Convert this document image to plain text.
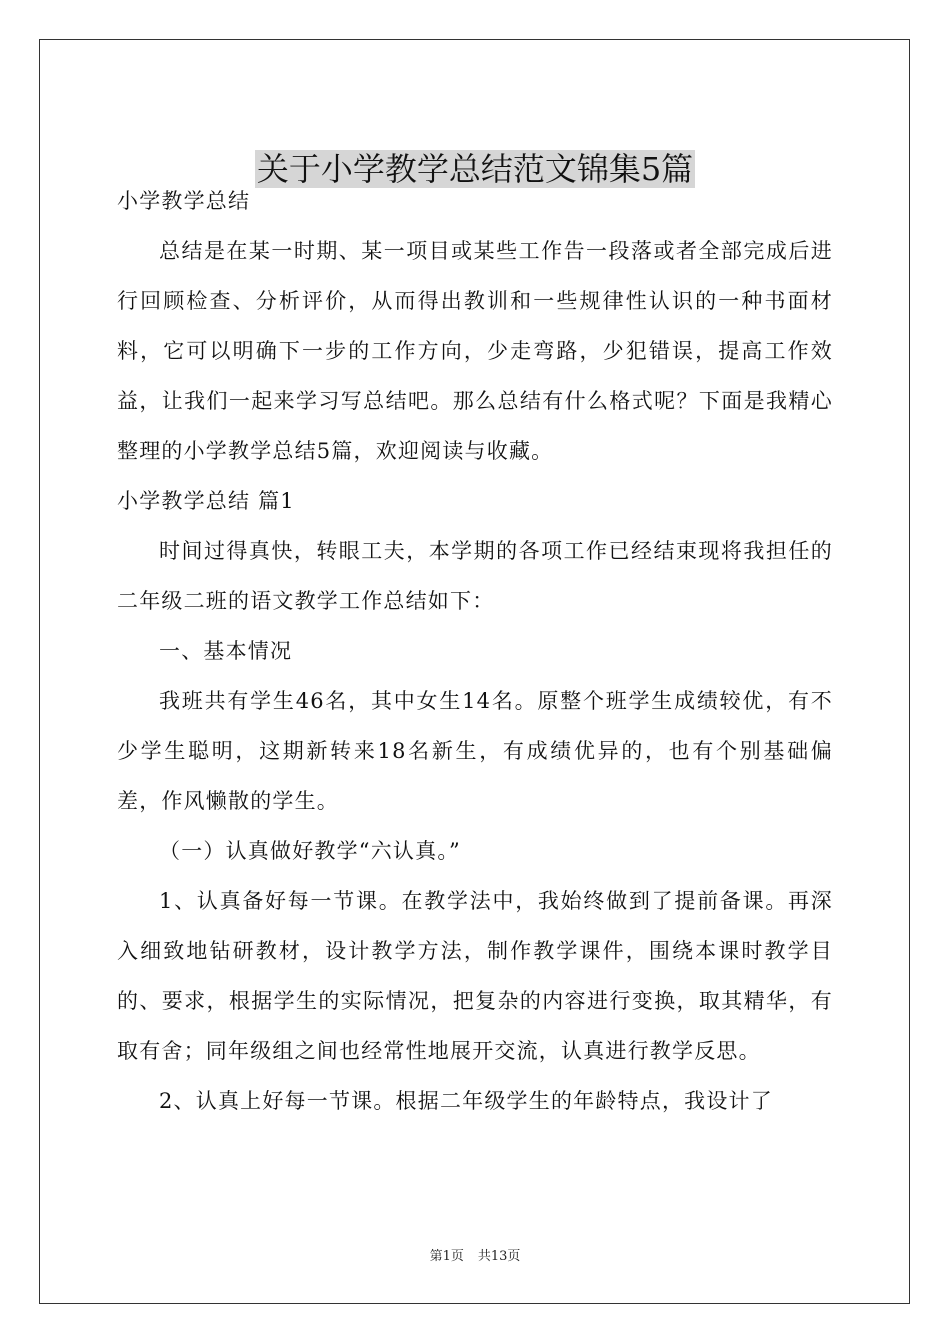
关于小学教学总结范文锦集5篇

小学教学总结

总结是在某一时期、某一项目或某些工作告一段落或者全部完成后进行回顾检查、分析评价，从而得出教训和一些规律性认识的一种书面材料，它可以明确下一步的工作方向，少走弯路，少犯错误，提高工作效益，让我们一起来学习写总结吧。那么总结有什么格式呢？下面是我精心整理的小学教学总结5篇，欢迎阅读与收藏。

小学教学总结 篇1

时间过得真快，转眼工夫，本学期的各项工作已经结束现将我担任的二年级二班的语文教学工作总结如下：

一、基本情况

我班共有学生46名，其中女生14名。原整个班学生成绩较优，有不少学生聪明，这期新转来18名新生，有成绩优异的，也有个别基础偏差，作风懒散的学生。

（一）认真做好教学“六认真。”

1、认真备好每一节课。在教学法中，我始终做到了提前备课。再深入细致地钻研教材，设计教学方法，制作教学课件，围绕本课时教学目的、要求，根据学生的实际情况，把复杂的内容进行变换，取其精华，有取有舍；同年级组之间也经常性地展开交流，认真进行教学反思。

2、认真上好每一节课。根据二年级学生的年龄特点，我设计了

第1页 共13页
